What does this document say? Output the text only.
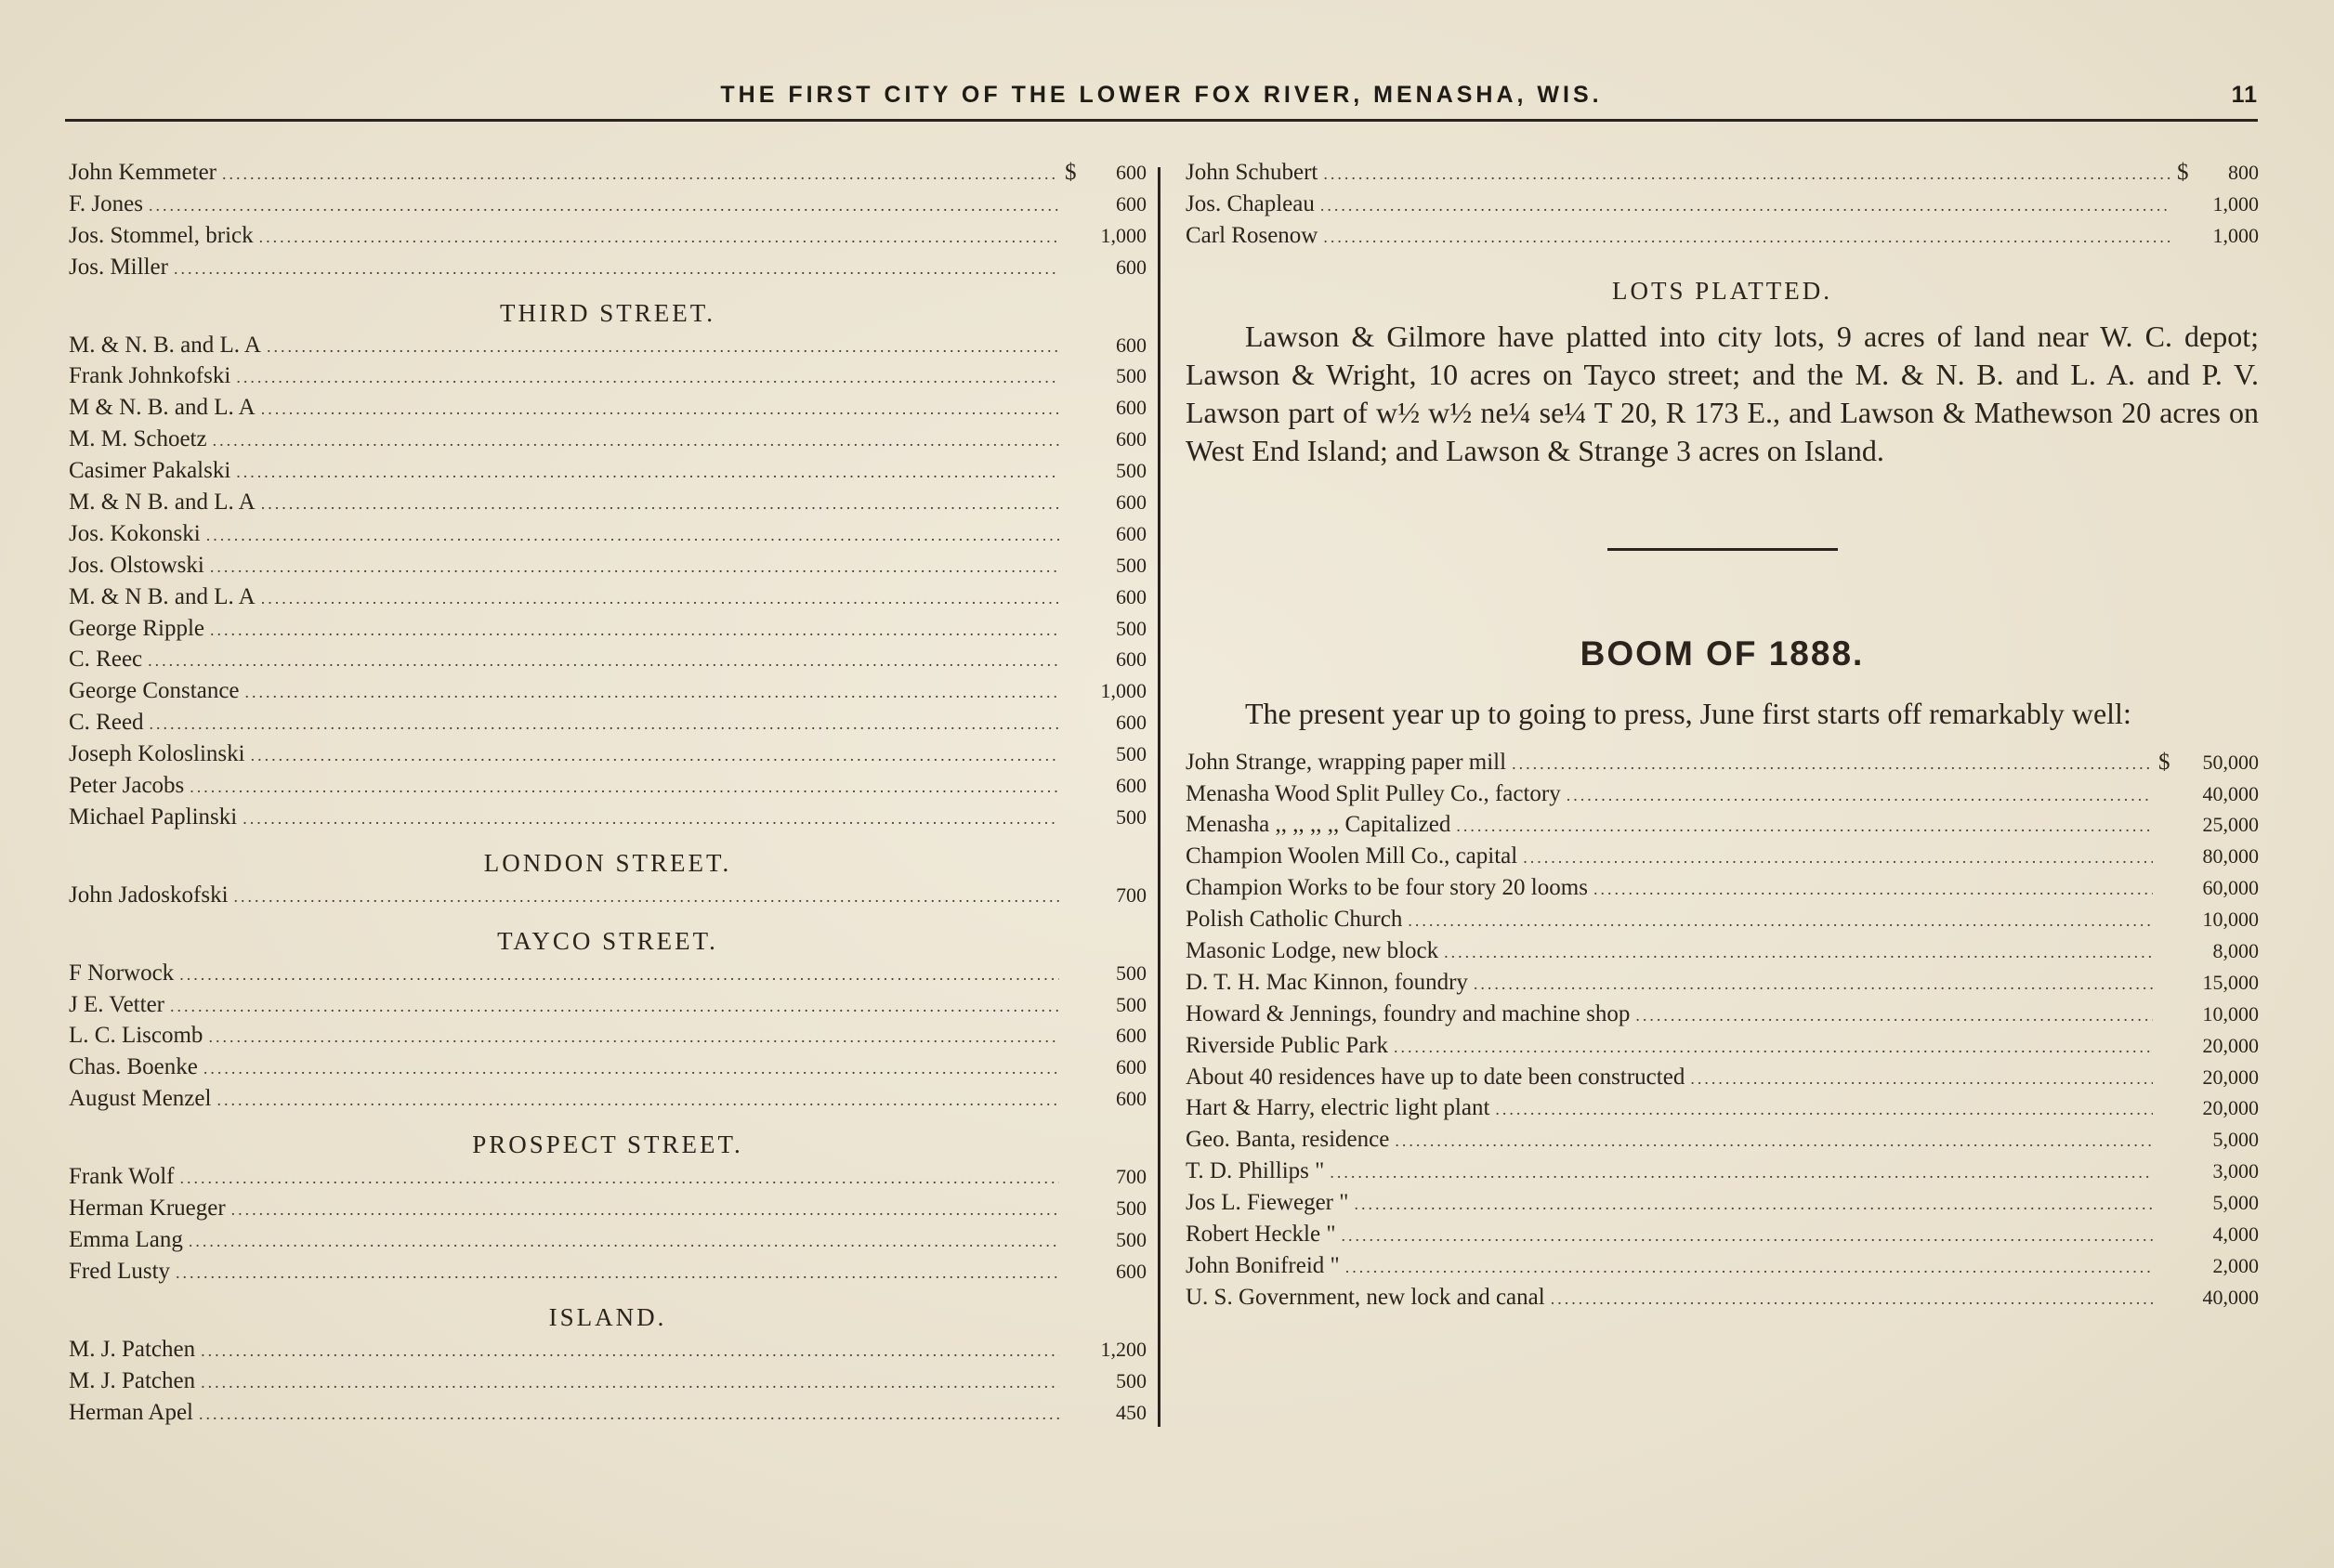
THE FIRST CITY OF THE LOWER FOX RIVER, MENASHA, WIS.	11
John Kemmeter .....	$	600
F. Jones .....	600
Jos. Stommel, brick .....	1,000
Jos. Miller .....	600
THIRD STREET.
M. & N. B. and L. A .....	600
Frank Johnkofski .....	500
M & N. B. and L. A .....	600
M. M. Schoetz .....	600
Casimer Pakalski .....	500
M. & N B. and L. A .....	600
Jos. Kokonski .....	600
Jos. Olstowski .....	500
M. & N B. and L. A .....	600
George Ripple .....	500
C. Reec .....	600
George Constance .....	1,000
C. Reed .....	600
Joseph Koloslinski .....	500
Peter Jacobs .....	600
Michael Paplinski .....	500
LONDON STREET.
John Jadoskofski .....	700
TAYCO STREET.
F Norwock .....	500
J E. Vetter .....	500
L. C. Liscomb .....	600
Chas. Boenke .....	600
August Menzel .....	600
PROSPECT STREET.
Frank Wolf .....	700
Herman Krueger .....	500
Emma Lang .....	500
Fred Lusty .....	600
ISLAND.
M. J. Patchen .....	1,200
M. J. Patchen .....	500
Herman Apel .....	450
John Schubert .....	$	800
Jos. Chapleau .....	1,000
Carl Rosenow .....	1,000
LOTS PLATTED.
Lawson & Gilmore have platted into city lots, 9 acres of land near W. C. depot; Lawson & Wright, 10 acres on Tayco street; and the M. & N. B. and L. A. and P. V. Lawson part of w½ w½ ne¼ se¼ T 20, R 173 E., and Lawson & Mathewson 20 acres on West End Island; and Lawson & Strange 3 acres on Island.
BOOM OF 1888.
The present year up to going to press, June first starts off remarkably well:
John Strange, wrapping paper mill .....	$	50,000
Menasha Wood Split Pulley Co., factory .....	40,000
Menasha ,, ,, ,, ,, Capitalized .....	25,000
Champion Woolen Mill Co., capital .....	80,000
Champion Works to be four story 20 looms .....	60,000
Polish Catholic Church .....	10,000
Masonic Lodge, new block .....	8,000
D. T. H. Mac Kinnon, foundry .....	15,000
Howard & Jennings, foundry and machine shop .....	10,000
Riverside Public Park .....	20,000
About 40 residences have up to date been constructed .....	20,000
Hart & Harry, electric light plant .....	20,000
Geo. Banta, residence .....	5,000
T. D. Phillips " .....	3,000
Jos L. Fieweger " .....	5,000
Robert Heckle " .....	4,000
John Bonifreid " .....	2,000
U. S. Government, new lock and canal .....	40,000
